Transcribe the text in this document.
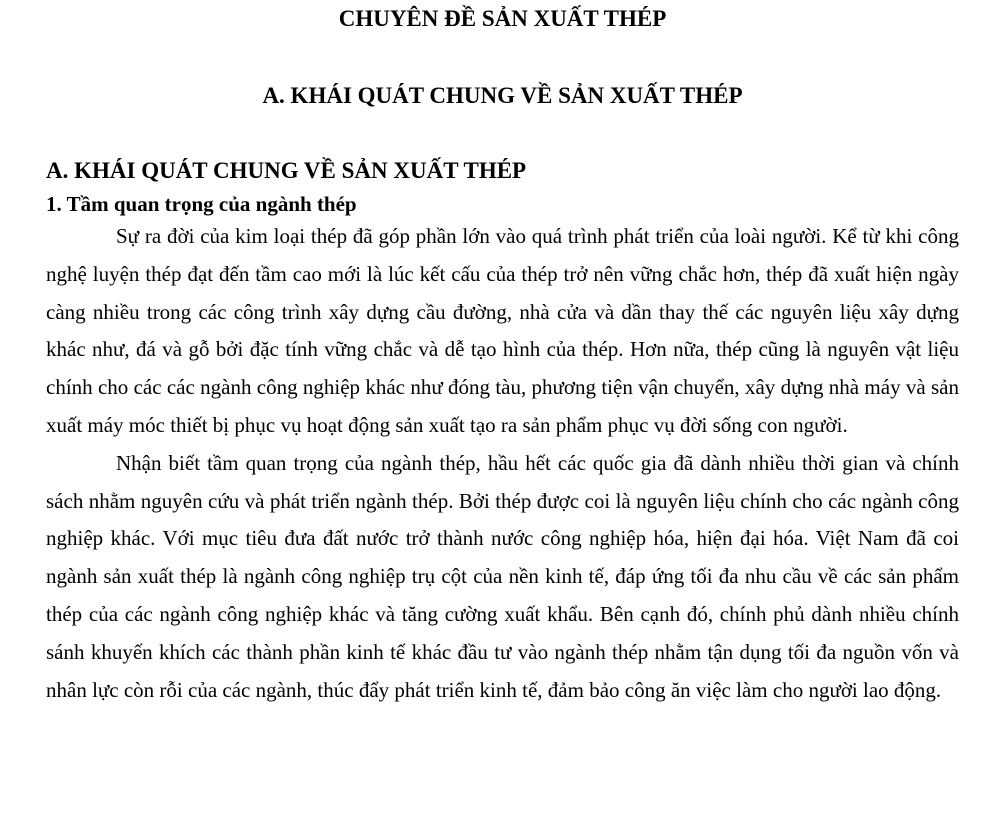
CHUYÊN ĐỀ SẢN XUẤT THÉP
A. KHÁI QUÁT CHUNG VỀ SẢN XUẤT THÉP
A. KHÁI QUÁT CHUNG VỀ SẢN XUẤT THÉP
1. Tầm quan trọng của ngành thép

Sự ra đời của kim loại thép đã góp phần lớn vào quá trình phát triển của loài người. Kể từ khi công nghệ luyện thép đạt đến tầm cao mới là lúc kết cấu của thép trở nên vững chắc hơn, thép đã xuất hiện ngày càng nhiều trong các công trình xây dựng cầu đường, nhà cửa và dần thay thế các nguyên liệu xây dựng khác như, đá và gỗ bởi đặc tính vững chắc và dễ tạo hình của thép. Hơn nữa, thép cũng là nguyên vật liệu chính cho các các ngành công nghiệp khác như đóng tàu, phương tiện vận chuyển, xây dựng nhà máy và sản xuất máy móc thiết bị phục vụ hoạt động sản xuất tạo ra sản phẩm phục vụ đời sống con người.

Nhận biết tầm quan trọng của ngành thép, hầu hết các quốc gia đã dành nhiều thời gian và chính sách nhằm nguyên cứu và phát triển ngành thép. Bởi thép được coi là nguyên liệu chính cho các ngành công nghiệp khác. Với mục tiêu đưa đất nước trở thành nước công nghiệp hóa, hiện đại hóa. Việt Nam đã coi ngành sản xuất thép là ngành công nghiệp trụ cột của nền kinh tế, đáp ứng tối đa nhu cầu về các sản phẩm thép của các ngành công nghiệp khác và tăng cường xuất khẩu. Bên cạnh đó, chính phủ dành nhiều chính sánh khuyến khích các thành phần kinh tế khác đầu tư vào ngành thép nhằm tận dụng tối đa nguồn vốn và nhân lực còn rỗi của các ngành, thúc đẩy phát triển kinh tế, đảm bảo công ăn việc làm cho người lao động.
